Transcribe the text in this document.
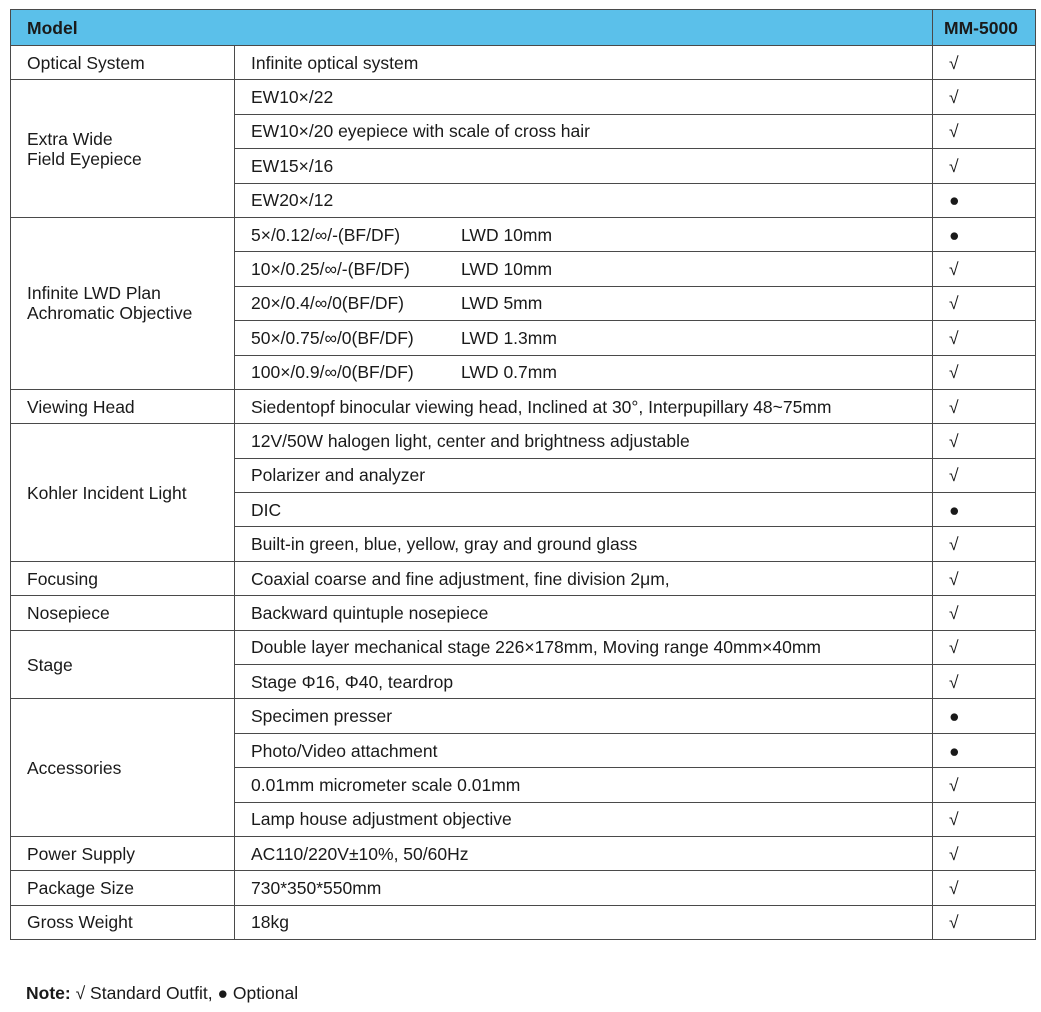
Model		MM-5000

Optical System	Infinite optical system	√

Extra Wide
Field Eyepiece	EW10×/22	√
	EW10×/20 eyepiece with scale of cross hair	√
	EW15×/16	√
	EW20×/12	●

Infinite LWD Plan
Achromatic Objective	5×/0.12/∞/-(BF/DF) LWD 10mm	●
	10×/0.25/∞/-(BF/DF) LWD 10mm	√
	20×/0.4/∞/0(BF/DF) LWD 5mm	√
	50×/0.75/∞/0(BF/DF) LWD 1.3mm	√
	100×/0.9/∞/0(BF/DF) LWD 0.7mm	√

Viewing Head	Siedentopf binocular viewing head, Inclined at 30°, Interpupillary 48~75mm	√

Kohler Incident Light	12V/50W halogen light, center and brightness adjustable	√
	Polarizer and analyzer	√
	DIC	●
	Built-in green, blue, yellow, gray and ground glass	√

Focusing	Coaxial coarse and fine adjustment, fine division 2μm,	√

Nosepiece	Backward quintuple nosepiece	√

Stage	Double layer mechanical stage 226×178mm, Moving range 40mm×40mm	√
	Stage Φ16, Φ40, teardrop	√

Accessories	Specimen presser	●
	Photo/Video attachment	●
	0.01mm micrometer scale 0.01mm	√
	Lamp house adjustment objective	√

Power Supply	AC110/220V±10%, 50/60Hz	√

Package Size	730*350*550mm	√

Gross Weight	18kg	√
Note: √ Standard Outfit, ● Optional
